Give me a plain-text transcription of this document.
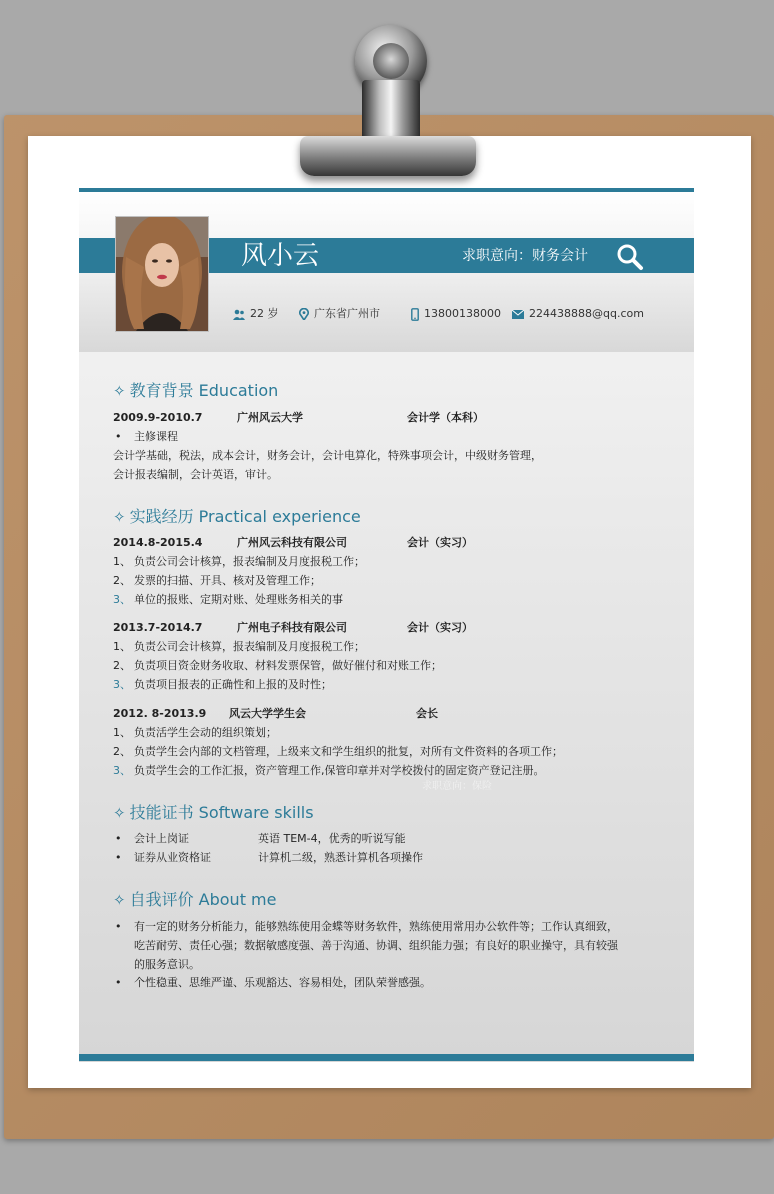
风小云	求职意向：财务会计
22 岁	广东省广州市	13800138000	224438888@qq.com
✧ 教育背景 Education
2009.9-2010.7	广州风云大学	会计学（本科）
• 主修课程
会计学基础，税法，成本会计，财务会计，会计电算化，特殊事项会计，中级财务管理，
会计报表编制，会计英语，审计。
✧ 实践经历 Practical experience
2014.8-2015.4	广州风云科技有限公司	会计（实习）
1、 负责公司会计核算，报表编制及月度报税工作；
2、 发票的扫描、开具、核对及管理工作；
3、 单位的报账、定期对账、处理账务相关的事
2013.7-2014.7	广州电子科技有限公司	会计（实习）
1、 负责公司会计核算，报表编制及月度报税工作；
2、 负责项目资金财务收取、材料发票保管，做好催付和对账工作；
3、 负责项目报表的正确性和上报的及时性；
2012. 8-2013.9 风云大学学生会	会长
1、 负责活学生会动的组织策划；
2、 负责学生会内部的文档管理，上级来文和学生组织的批复，对所有文件资料的各项工作；
3、 负责学生会的工作汇报，资产管理工作,保管印章并对学校拨付的固定资产登记注册。
求职意向：保险
✧ 技能证书 Software skills
• 会计上岗证	英语 TEM-4，优秀的听说写能
• 证券从业资格证	计算机二级，熟悉计算机各项操作
✧ 自我评价 About me
• 有一定的财务分析能力，能够熟练使用金蝶等财务软件，熟练使用常用办公软件等；工作认真细致，
吃苦耐劳、责任心强；数据敏感度强、善于沟通、协调、组织能力强；有良好的职业操守，具有较强
的服务意识。
• 个性稳重、思维严谨、乐观豁达、容易相处，团队荣誉感强。
